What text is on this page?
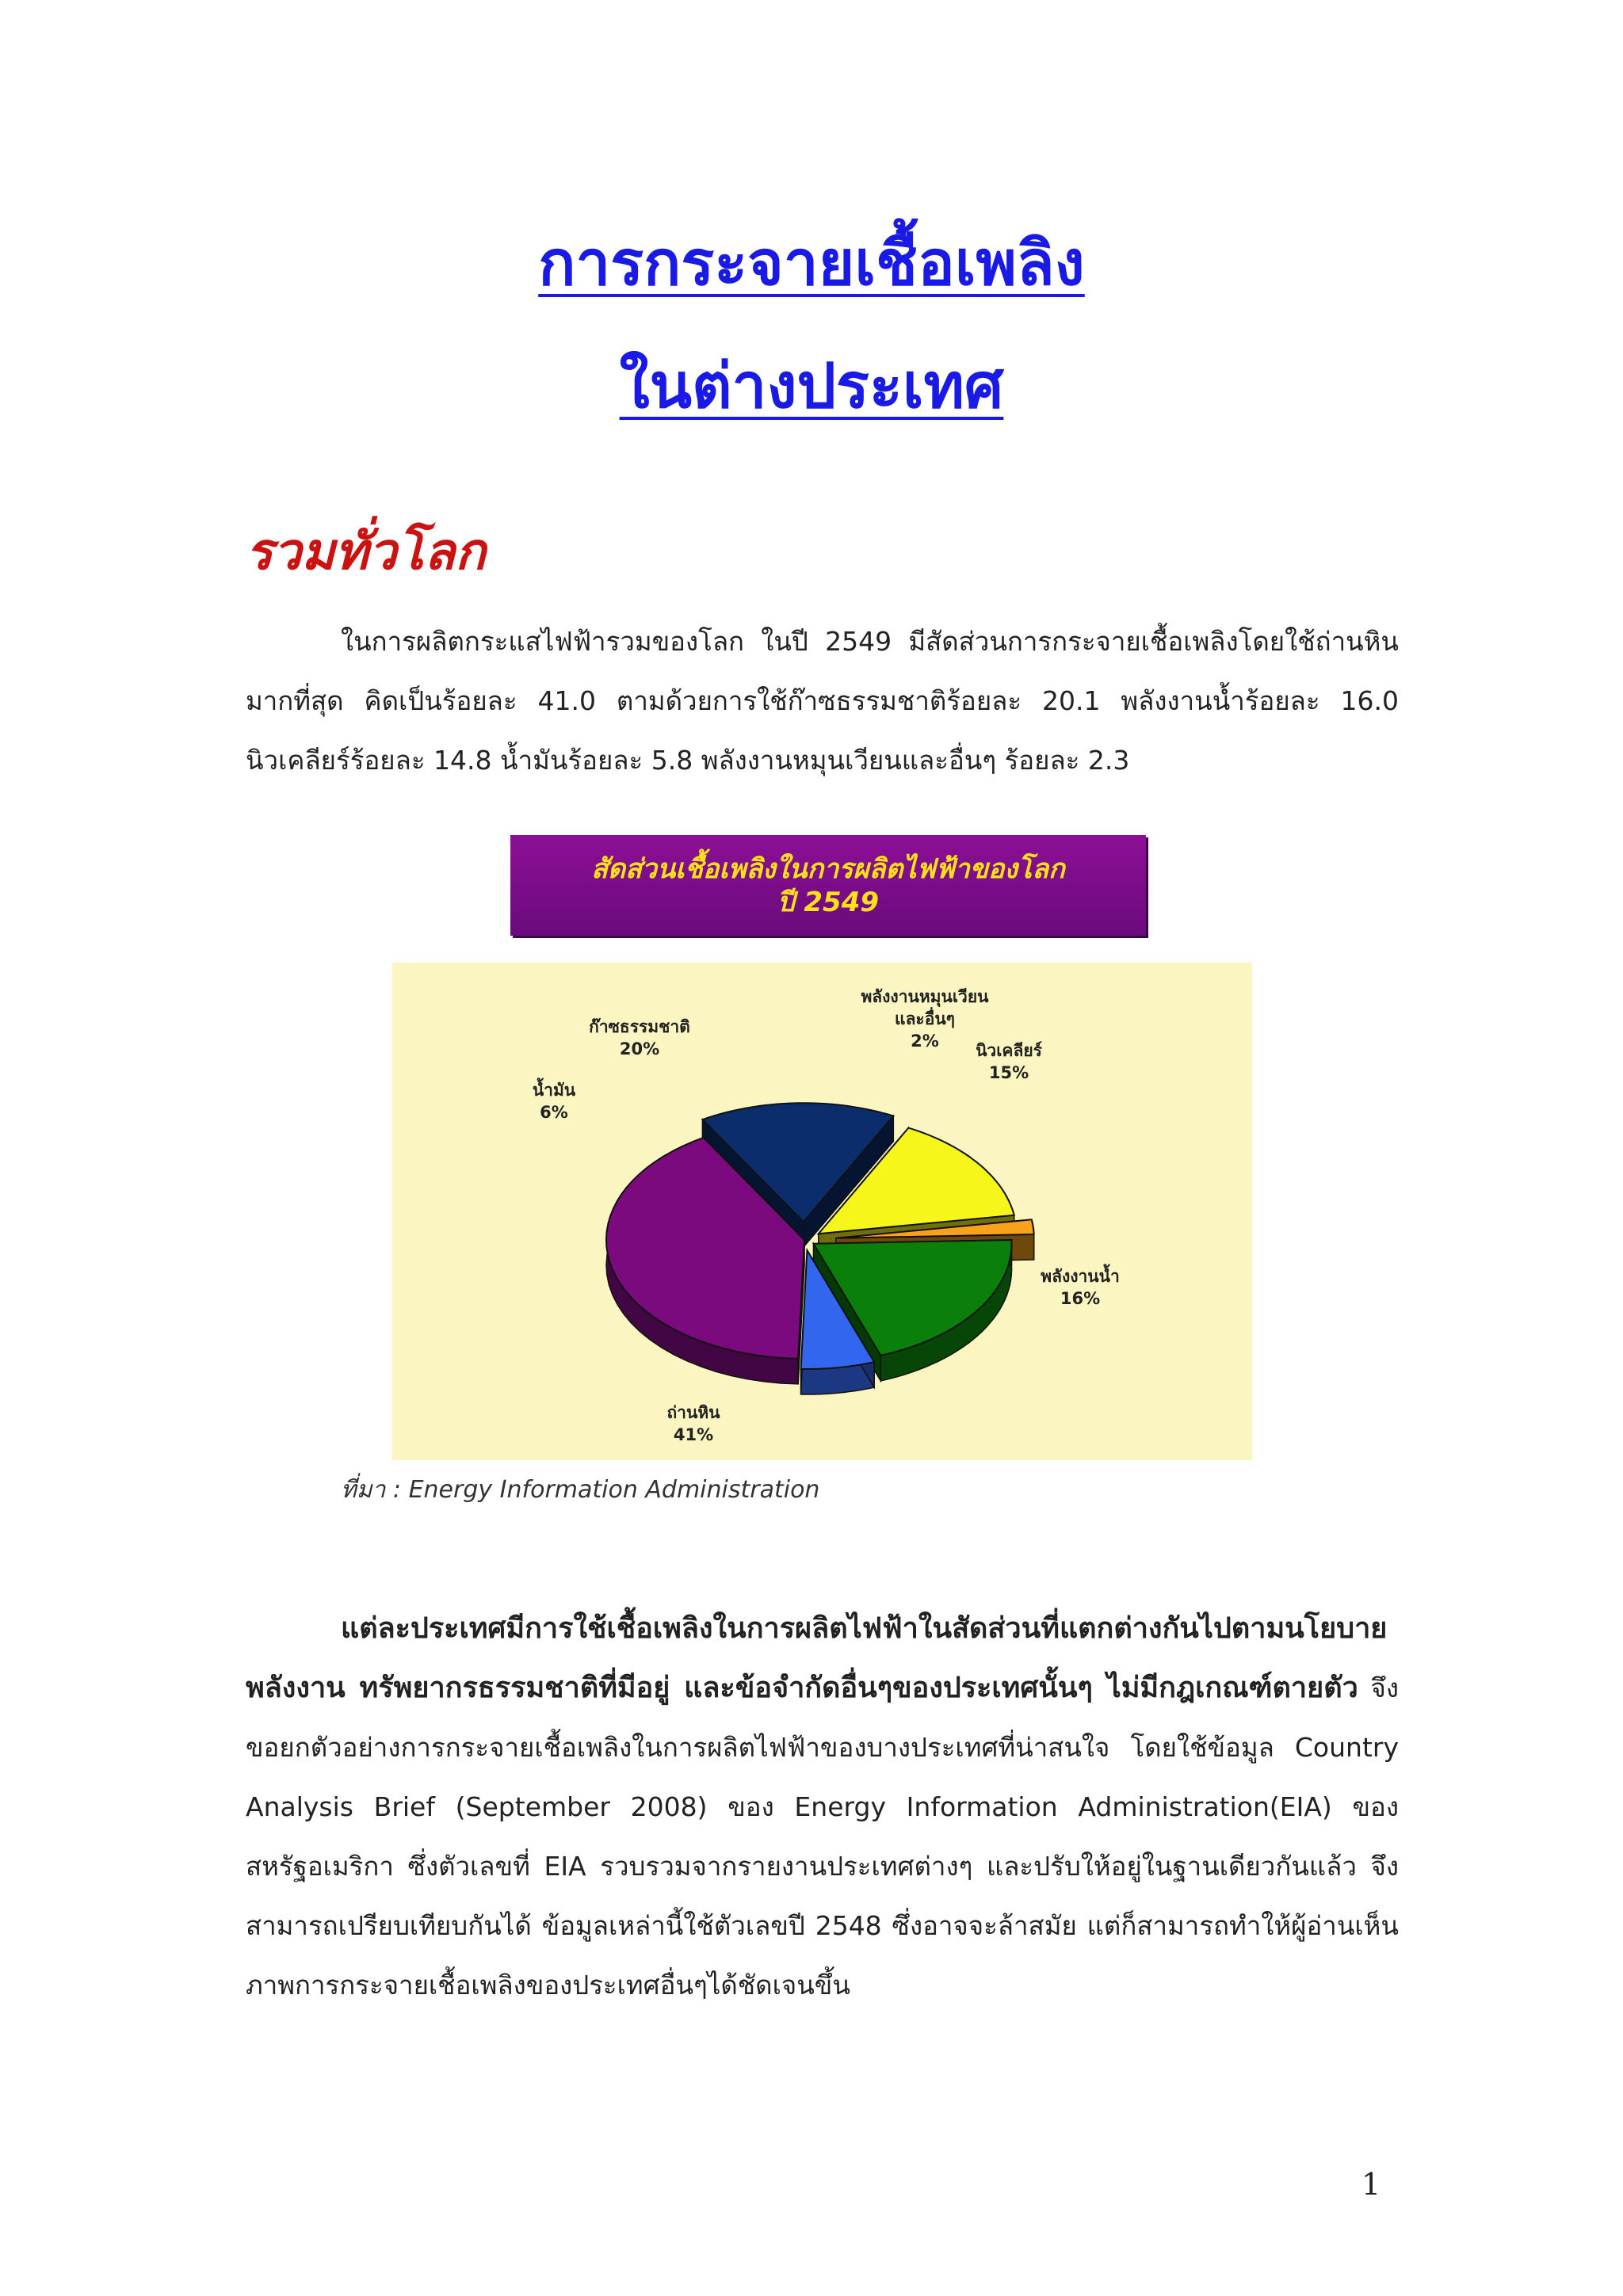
การกระจายเชื้อเพลิง
ในต่างประเทศ
รวมทั่วโลก

ในการผลิตกระแสไฟฟ้ารวมของโลก ในปี 2549 มีสัดส่วนการกระจายเชื้อเพลิงโดยใช้ถ่านหินมากที่สุด คิดเป็นร้อยละ 41.0 ตามด้วยการใช้ก๊าซธรรมชาติร้อยละ 20.1 พลังงานน้ำร้อยละ 16.0 นิวเคลียร์ร้อยละ 14.8 น้ำมันร้อยละ 5.8 พลังงานหมุนเวียนและอื่นๆ ร้อยละ 2.3

สัดส่วนเชื้อเพลิงในการผลิตไฟฟ้าของโลก
ปี 2549
ถ่านหิน
41%
พลังงานน้ำ
16%
นิวเคลียร์
15%
พลังงานหมุนเวียน
และอื่นๆ
2%
ก๊าซธรรมชาติ
20%
น้ำมัน
6%
ที่มา : Energy Information Administration

แต่ละประเทศมีการใช้เชื้อเพลิงในการผลิตไฟฟ้าในสัดส่วนที่แตกต่างกันไปตามนโยบายพลังงาน ทรัพยากรธรรมชาติที่มีอยู่ และข้อจำกัดอื่นๆของประเทศนั้นๆ ไม่มีกฎเกณฑ์ตายตัว จึงขอยกตัวอย่างการกระจายเชื้อเพลิงในการผลิตไฟฟ้าของบางประเทศที่น่าสนใจ โดยใช้ข้อมูล Country Analysis Brief (September 2008) ของ Energy Information Administration(EIA) ของสหรัฐอเมริกา ซึ่งตัวเลขที่ EIA รวบรวมจากรายงานประเทศต่างๆ และปรับให้อยู่ในฐานเดียวกันแล้ว จึงสามารถเปรียบเทียบกันได้ ข้อมูลเหล่านี้ใช้ตัวเลขปี 2548 ซึ่งอาจจะล้าสมัย แต่ก็สามารถทำให้ผู้อ่านเห็นภาพการกระจายเชื้อเพลิงของประเทศอื่นๆได้ชัดเจนขึ้น

1
